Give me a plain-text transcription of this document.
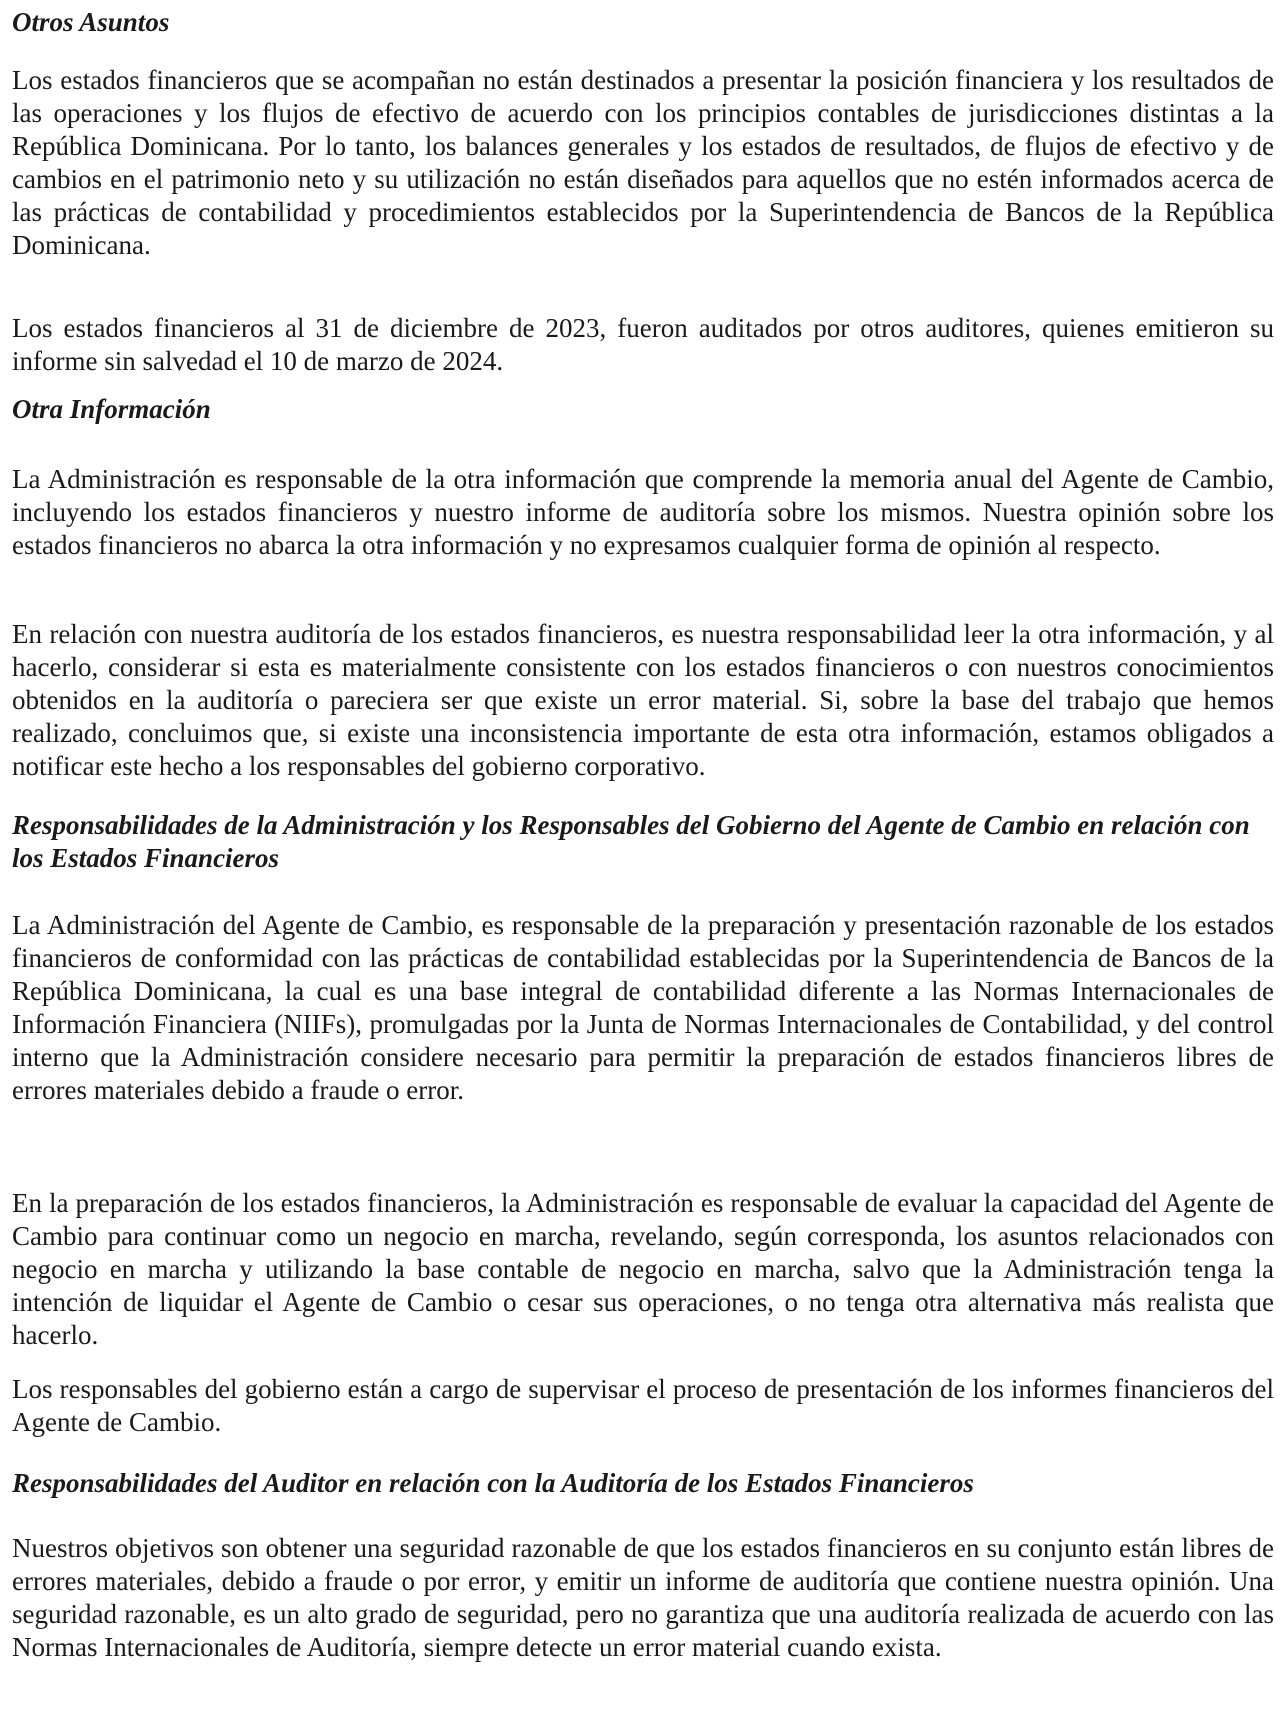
Otros Asuntos

Los estados financieros que se acompañan no están destinados a presentar la posición financiera y los resultados de las operaciones y los flujos de efectivo de acuerdo con los principios contables de jurisdicciones distintas a la República Dominicana. Por lo tanto, los balances generales y los estados de resultados, de flujos de efectivo y de cambios en el patrimonio neto y su utilización no están diseñados para aquellos que no estén informados acerca de las prácticas de contabilidad y procedimientos establecidos por la Superintendencia de Bancos de la República Dominicana.

Los estados financieros al 31 de diciembre de 2023, fueron auditados por otros auditores, quienes emitieron su informe sin salvedad el 10 de marzo de 2024.

Otra Información

La Administración es responsable de la otra información que comprende la memoria anual del Agente de Cambio, incluyendo los estados financieros y nuestro informe de auditoría sobre los mismos. Nuestra opinión sobre los estados financieros no abarca la otra información y no expresamos cualquier forma de opinión al respecto.

En relación con nuestra auditoría de los estados financieros, es nuestra responsabilidad leer la otra información, y al hacerlo, considerar si esta es materialmente consistente con los estados financieros o con nuestros conocimientos obtenidos en la auditoría o pareciera ser que existe un error material. Si, sobre la base del trabajo que hemos realizado, concluimos que, si existe una inconsistencia importante de esta otra información, estamos obligados a notificar este hecho a los responsables del gobierno corporativo.

Responsabilidades de la Administración y los Responsables del Gobierno del Agente de Cambio en relación con los Estados Financieros

La Administración del Agente de Cambio, es responsable de la preparación y presentación razonable de los estados financieros de conformidad con las prácticas de contabilidad establecidas por la Superintendencia de Bancos de la República Dominicana, la cual es una base integral de contabilidad diferente a las Normas Internacionales de Información Financiera (NIIFs), promulgadas por la Junta de Normas Internacionales de Contabilidad, y del control interno que la Administración considere necesario para permitir la preparación de estados financieros libres de errores materiales debido a fraude o error.

En la preparación de los estados financieros, la Administración es responsable de evaluar la capacidad del Agente de Cambio para continuar como un negocio en marcha, revelando, según corresponda, los asuntos relacionados con negocio en marcha y utilizando la base contable de negocio en marcha, salvo que la Administración tenga la intención de liquidar el Agente de Cambio o cesar sus operaciones, o no tenga otra alternativa más realista que hacerlo.

Los responsables del gobierno están a cargo de supervisar el proceso de presentación de los informes financieros del Agente de Cambio.

Responsabilidades del Auditor en relación con la Auditoría de los Estados Financieros

Nuestros objetivos son obtener una seguridad razonable de que los estados financieros en su conjunto están libres de errores materiales, debido a fraude o por error, y emitir un informe de auditoría que contiene nuestra opinión. Una seguridad razonable, es un alto grado de seguridad, pero no garantiza que una auditoría realizada de acuerdo con las Normas Internacionales de Auditoría, siempre detecte un error material cuando exista.
